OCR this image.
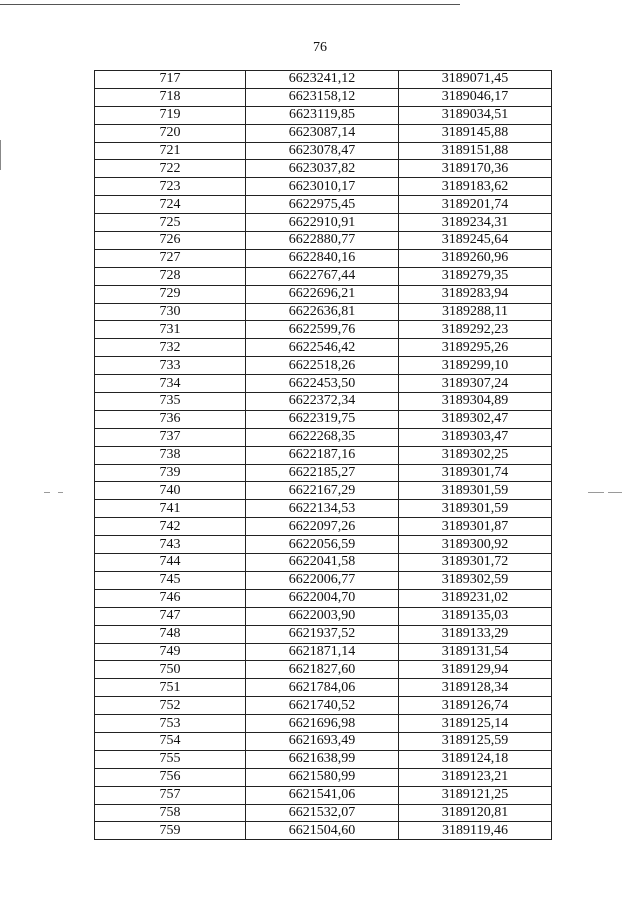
76
717	6623241,12	3189071,45
718	6623158,12	3189046,17
719	6623119,85	3189034,51
720	6623087,14	3189145,88
721	6623078,47	3189151,88
722	6623037,82	3189170,36
723	6623010,17	3189183,62
724	6622975,45	3189201,74
725	6622910,91	3189234,31
726	6622880,77	3189245,64
727	6622840,16	3189260,96
728	6622767,44	3189279,35
729	6622696,21	3189283,94
730	6622636,81	3189288,11
731	6622599,76	3189292,23
732	6622546,42	3189295,26
733	6622518,26	3189299,10
734	6622453,50	3189307,24
735	6622372,34	3189304,89
736	6622319,75	3189302,47
737	6622268,35	3189303,47
738	6622187,16	3189302,25
739	6622185,27	3189301,74
740	6622167,29	3189301,59
741	6622134,53	3189301,59
742	6622097,26	3189301,87
743	6622056,59	3189300,92
744	6622041,58	3189301,72
745	6622006,77	3189302,59
746	6622004,70	3189231,02
747	6622003,90	3189135,03
748	6621937,52	3189133,29
749	6621871,14	3189131,54
750	6621827,60	3189129,94
751	6621784,06	3189128,34
752	6621740,52	3189126,74
753	6621696,98	3189125,14
754	6621693,49	3189125,59
755	6621638,99	3189124,18
756	6621580,99	3189123,21
757	6621541,06	3189121,25
758	6621532,07	3189120,81
759	6621504,60	3189119,46
